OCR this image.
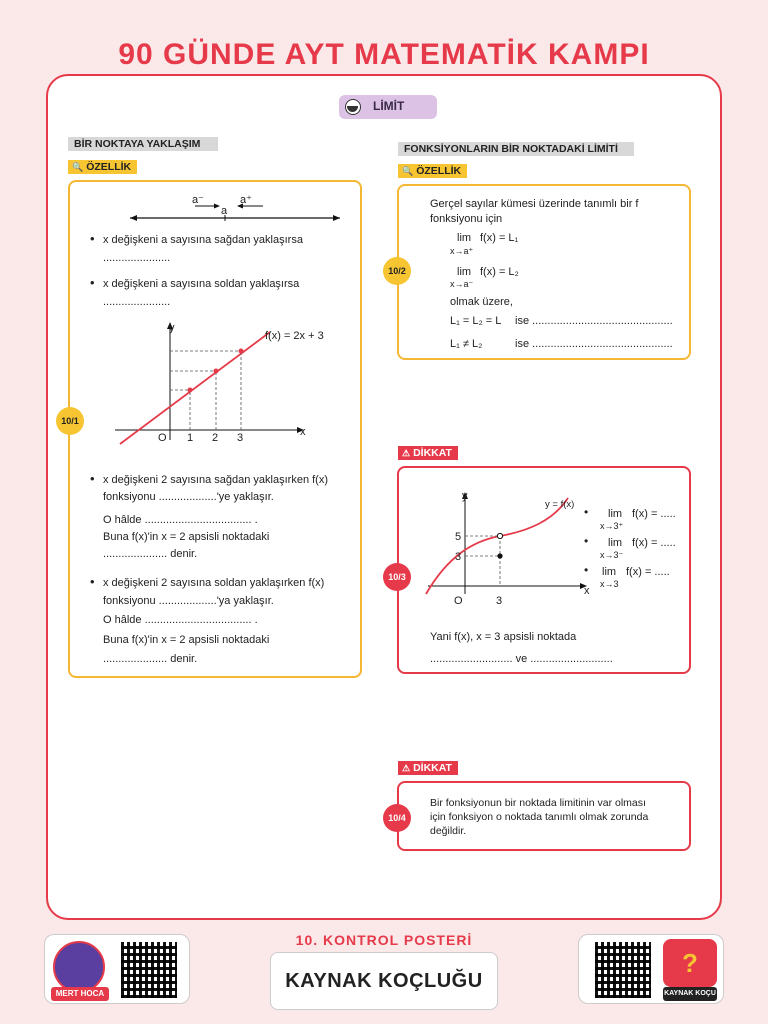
90 GÜNDE AYT MATEMATİK KAMPI
LİMİT
BİR NOKTAYA YAKLAŞIM
🔍 ÖZELLİK
10/1
a⁻	a⁺
a
• x değişkeni a sayısına sağdan yaklaşırsa
......................
• x değişkeni a sayısına soldan yaklaşırsa
......................
y
x
O 1 2 3
f(x) = 2x + 3
• x değişkeni 2 sayısına sağdan yaklaşırken f(x)
fonksiyonu ...................'ye yaklaşır.
O hâlde ................................... .
Buna f(x)'in x = 2 apsisli noktadaki
..................... denir.
• x değişkeni 2 sayısına soldan yaklaşırken f(x)
fonksiyonu ...................'ya yaklaşır.
O hâlde ................................... .
Buna f(x)'in x = 2 apsisli noktadaki
..................... denir.
FONKSİYONLARIN BİR NOKTADAKİ LİMİTİ
🔍 ÖZELLİK
10/2
Gerçel sayılar kümesi üzerinde tanımlı bir f
fonksiyonu için
lim f(x) = L₁
x→a⁺
lim f(x) = L₂
x→a⁻
olmak üzere,
L₁ = L₂ = L ise ..............................................
L₁ ≠ L₂	ise ..............................................
⚠ DİKKAT
10/3
y
y = f(x)
x
O	3
5
3
• lim f(x) = .....
x→3⁺
• lim f(x) = .....
x→3⁻
• lim f(x) = .....
x→3
Yani f(x), x = 3 apsisli noktada
........................... ve ...........................
⚠ DİKKAT
10/4
Bir fonksiyonun bir noktada limitinin var olması
için fonksiyon o noktada tanımlı olmak zorunda
değildir.
10. KONTROL POSTERİ
MERT HOCA
KAYNAK KOÇLUĞU
?
KAYNAK KOÇU
